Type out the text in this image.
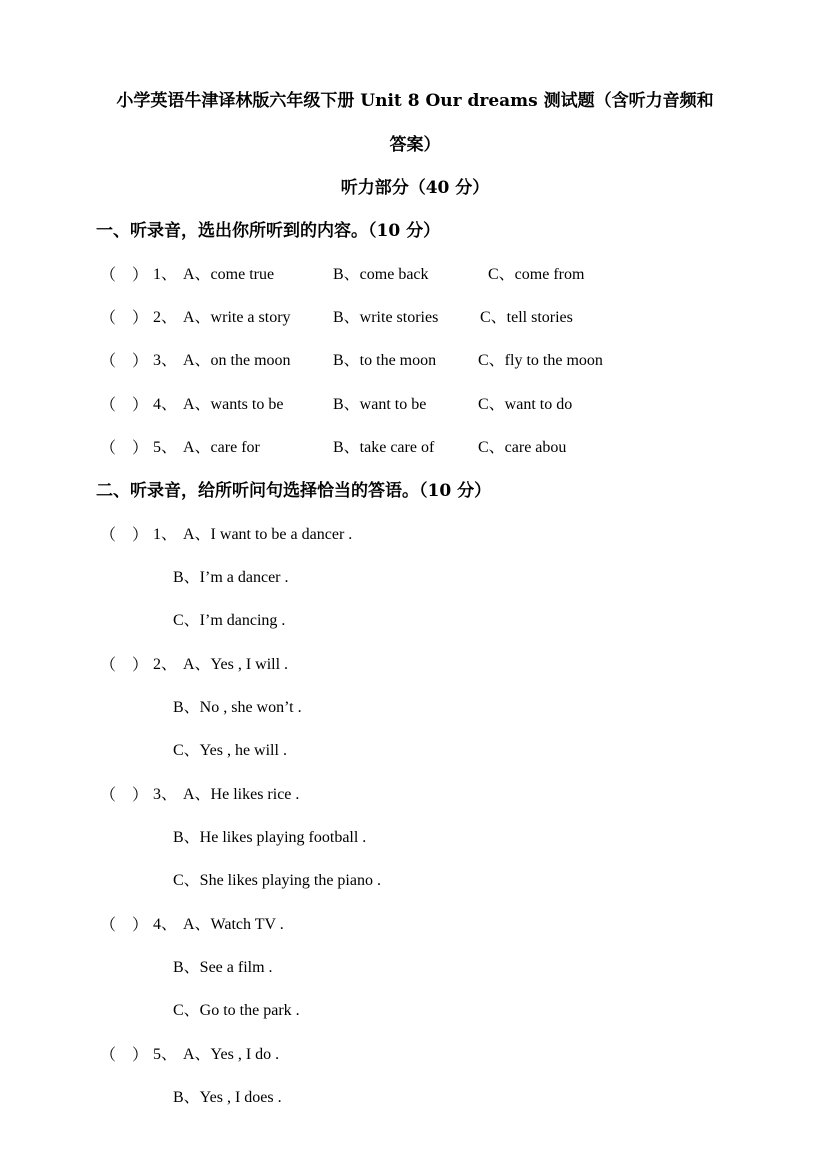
小学英语牛津译林版六年级下册 Unit 8 Our dreams 测试题（含听力音频和
答案）
听力部分（40 分）
一、听录音，选出你所听到的内容。（10 分）
（　） 1、 A、come true	B、come back	C、come from
（　） 2、 A、write a story	B、write stories	C、tell stories
（　） 3、 A、on the moon	B、to the moon	C、fly to the moon
（　） 4、 A、wants to be	B、want to be	C、want to do
（　） 5、 A、care for	B、take care of	C、care abou
二、听录音，给所听问句选择恰当的答语。（10 分）
（　） 1、 A、I want to be a dancer .
B、I’m a dancer .
C、I’m dancing .
（　） 2、 A、Yes , I will .
B、No , she won’t .
C、Yes , he will .
（　） 3、 A、He likes rice .
B、He likes playing football .
C、She likes playing the piano .
（　） 4、 A、Watch TV .
B、See a film .
C、Go to the park .
（　） 5、 A、Yes , I do .
B、Yes , I does .
